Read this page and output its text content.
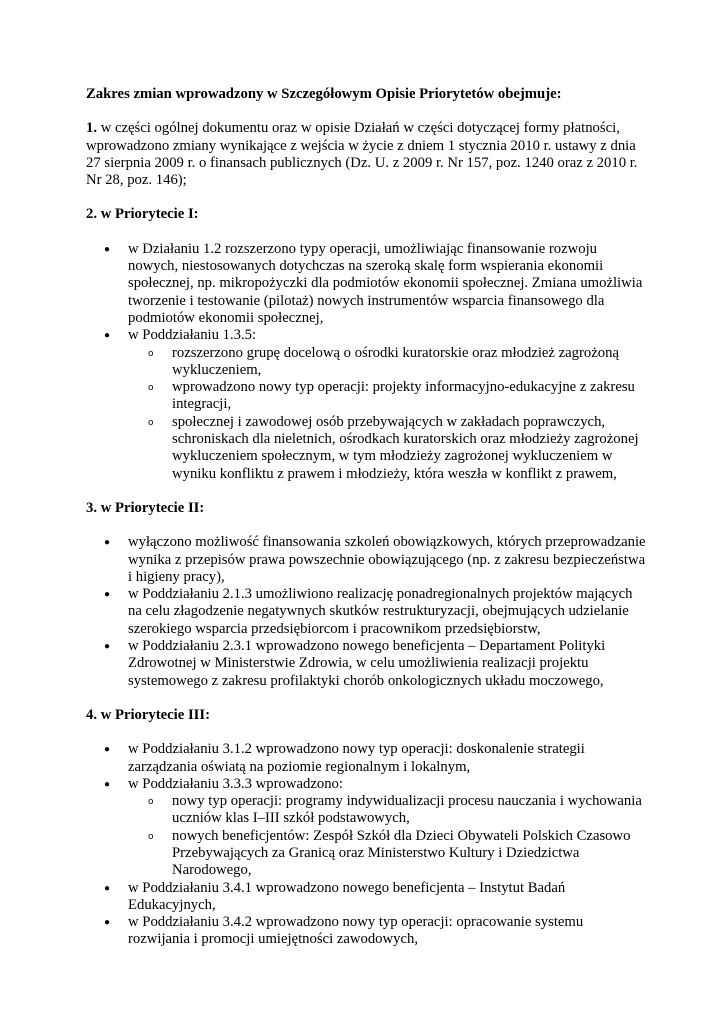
Zakres zmian wprowadzony w Szczegółowym Opisie Priorytetów obejmuje:

1. w części ogólnej dokumentu oraz w opisie Działań w części dotyczącej formy płatności, wprowadzono zmiany wynikające z wejścia w życie z dniem 1 stycznia 2010 r. ustawy z dnia 27 sierpnia 2009 r. o finansach publicznych (Dz. U. z 2009 r. Nr 157, poz. 1240 oraz z 2010 r. Nr 28, poz. 146);

2. w Priorytecie I:

● w Działaniu 1.2 rozszerzono typy operacji, umożliwiając finansowanie rozwoju nowych, niestosowanych dotychczas na szeroką skalę form wspierania ekonomii społecznej, np. mikropożyczki dla podmiotów ekonomii społecznej. Zmiana umożliwia tworzenie i testowanie (pilotaż) nowych instrumentów wsparcia finansowego dla podmiotów ekonomii społecznej,
● w Poddziałaniu 1.3.5:
o rozszerzono grupę docelową o ośrodki kuratorskie oraz młodzież zagrożoną wykluczeniem,
o wprowadzono nowy typ operacji: projekty informacyjno-edukacyjne z zakresu integracji,
o społecznej i zawodowej osób przebywających w zakładach poprawczych, schroniskach dla nieletnich, ośrodkach kuratorskich oraz młodzieży zagrożonej wykluczeniem społecznym, w tym młodzieży zagrożonej wykluczeniem w wyniku konfliktu z prawem i młodzieży, która weszła w konflikt z prawem,

3. w Priorytecie II:

● wyłączono możliwość finansowania szkoleń obowiązkowych, których przeprowadzanie wynika z przepisów prawa powszechnie obowiązującego (np. z zakresu bezpieczeństwa i higieny pracy),
● w Poddziałaniu 2.1.3 umożliwiono realizację ponadregionalnych projektów mających na celu złagodzenie negatywnych skutków restrukturyzacji, obejmujących udzielanie szerokiego wsparcia przedsiębiorcom i pracownikom przedsiębiorstw,
● w Poddziałaniu 2.3.1 wprowadzono nowego beneficjenta – Departament Polityki Zdrowotnej w Ministerstwie Zdrowia, w celu umożliwienia realizacji projektu systemowego z zakresu profilaktyki chorób onkologicznych układu moczowego,

4. w Priorytecie III:

● w Poddziałaniu 3.1.2 wprowadzono nowy typ operacji: doskonalenie strategii zarządzania oświatą na poziomie regionalnym i lokalnym,
● w Poddziałaniu 3.3.3 wprowadzono:
o nowy typ operacji: programy indywidualizacji procesu nauczania i wychowania uczniów klas I–III szkół podstawowych,
o nowych beneficjentów: Zespół Szkół dla Dzieci Obywateli Polskich Czasowo Przebywających za Granicą oraz Ministerstwo Kultury i Dziedzictwa Narodowego,
● w Poddziałaniu 3.4.1 wprowadzono nowego beneficjenta – Instytut Badań Edukacyjnych,
● w Poddziałaniu 3.4.2 wprowadzono nowy typ operacji: opracowanie systemu rozwijania i promocji umiejętności zawodowych,
